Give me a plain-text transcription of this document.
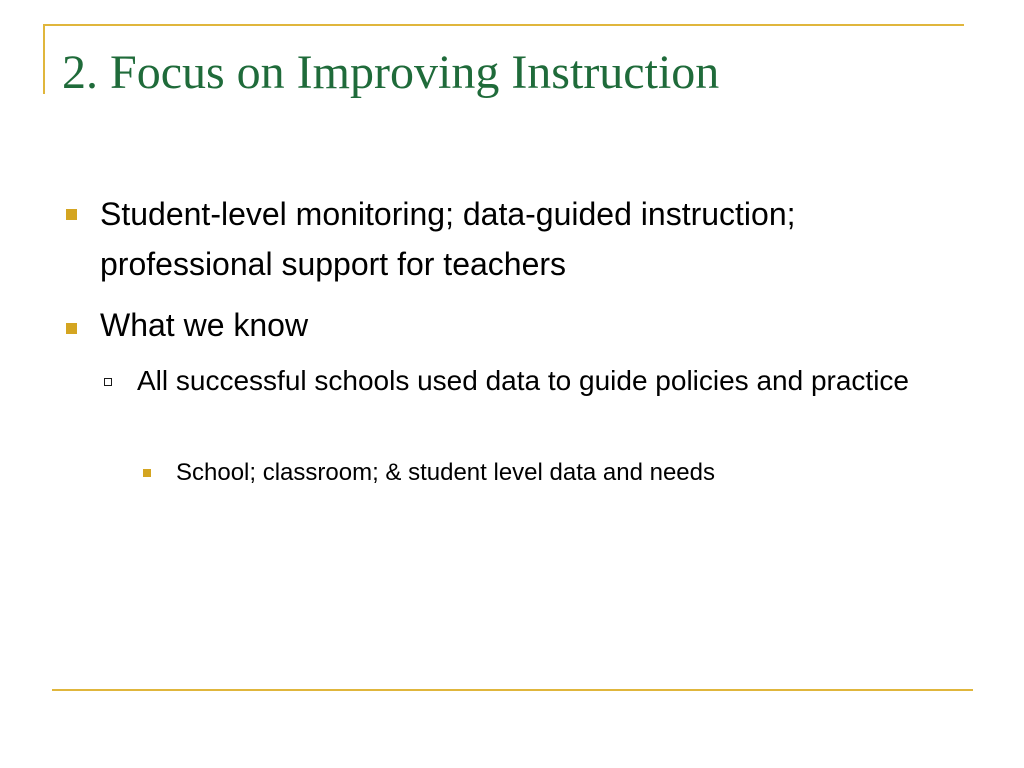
2. Focus on Improving Instruction
Student-level monitoring; data-guided instruction; professional support for teachers
What we know
All successful schools used data to guide policies and practice
School; classroom; & student level data and needs
